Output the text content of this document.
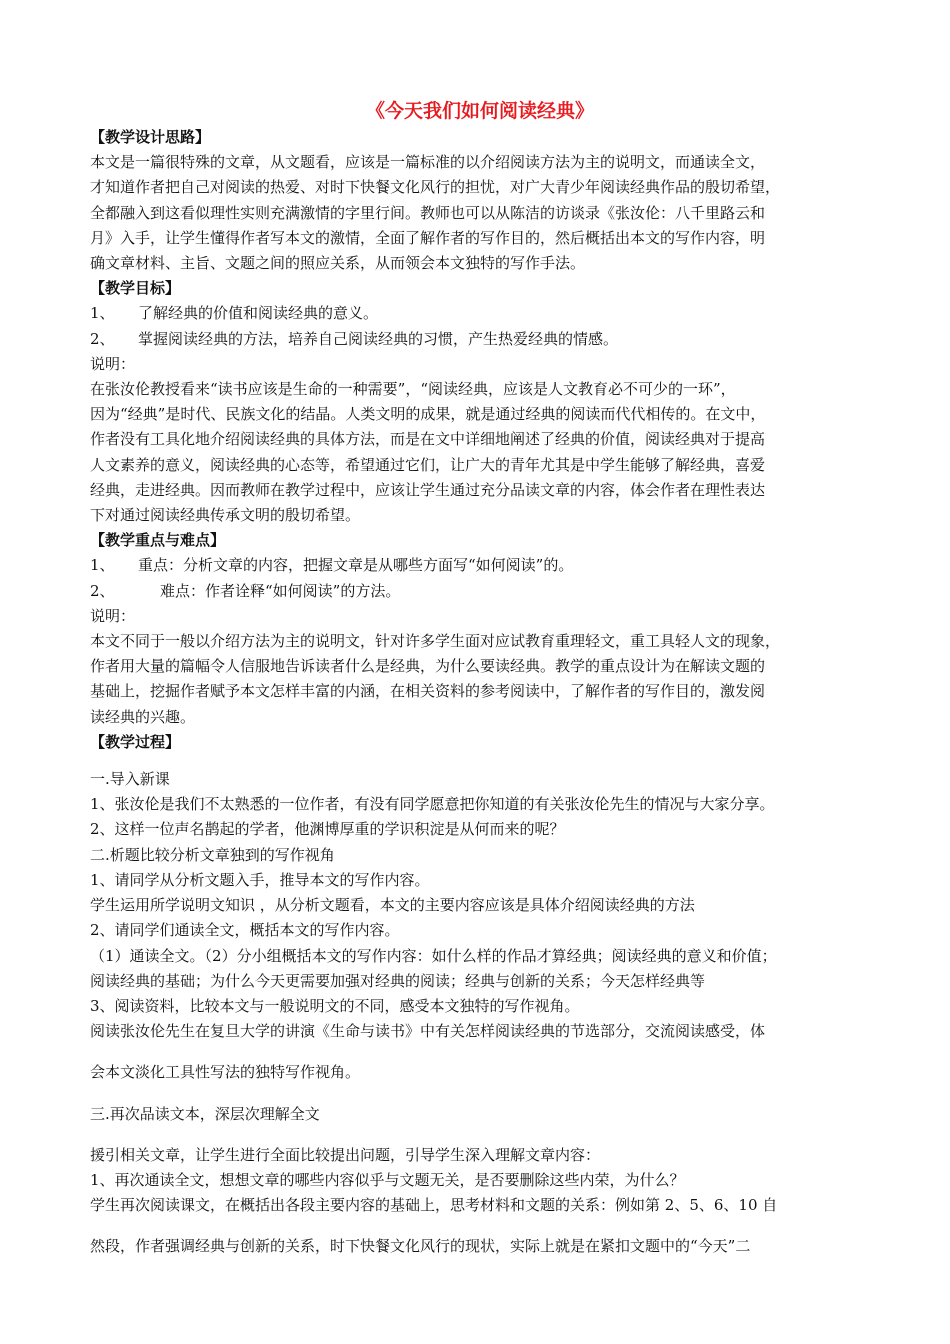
《今天我们如何阅读经典》
【教学设计思路】
本文是一篇很特殊的文章，从文题看，应该是一篇标准的以介绍阅读方法为主的说明文，而通读全文，
才知道作者把自己对阅读的热爱、对时下快餐文化风行的担忧，对广大青少年阅读经典作品的殷切希望，
全都融入到这看似理性实则充满激情的字里行间。教师也可以从陈洁的访谈录《张汝伦：八千里路云和
月》入手，让学生懂得作者写本文的激情，全面了解作者的写作目的，然后概括出本文的写作内容，明
确文章材料、主旨、文题之间的照应关系，从而领会本文独特的写作手法。
【教学目标】
1、	了解经典的价值和阅读经典的意义。
2、	掌握阅读经典的方法，培养自己阅读经典的习惯，产生热爱经典的情感。
说明：
在张汝伦教授看来“读书应该是生命的一种需要”，“阅读经典，应该是人文教育必不可少的一环”，
因为“经典”是时代、民族文化的结晶。人类文明的成果，就是通过经典的阅读而代代相传的。在文中，
作者没有工具化地介绍阅读经典的具体方法，而是在文中详细地阐述了经典的价值，阅读经典对于提高
人文素养的意义，阅读经典的心态等，希望通过它们，让广大的青年尤其是中学生能够了解经典，喜爱
经典，走进经典。因而教师在教学过程中，应该让学生通过充分品读文章的内容，体会作者在理性表达
下对通过阅读经典传承文明的殷切希望。
【教学重点与难点】
1、	重点：分析文章的内容，把握文章是从哪些方面写“如何阅读”的。
2、	难点：作者诠释“如何阅读”的方法。
说明：
本文不同于一般以介绍方法为主的说明文，针对许多学生面对应试教育重理轻文，重工具轻人文的现象，
作者用大量的篇幅令人信服地告诉读者什么是经典，为什么要读经典。教学的重点设计为在解读文题的
基础上，挖掘作者赋予本文怎样丰富的内涵，在相关资料的参考阅读中，了解作者的写作目的，激发阅
读经典的兴趣。
【教学过程】
一.导入新课
1、张汝伦是我们不太熟悉的一位作者，有没有同学愿意把你知道的有关张汝伦先生的情况与大家分享。
2、这样一位声名鹊起的学者，他渊博厚重的学识积淀是从何而来的呢？
二.析题比较分析文章独到的写作视角
1、请同学从分析文题入手，推导本文的写作内容。
学生运用所学说明文知识 ，从分析文题看，本文的主要内容应该是具体介绍阅读经典的方法
2、请同学们通读全文，概括本文的写作内容。
（1）通读全文。（2）分小组概括本文的写作内容：如什么样的作品才算经典；阅读经典的意义和价值；
阅读经典的基础；为什么今天更需要加强对经典的阅读；经典与创新的关系；今天怎样经典等
3、阅读资料，比较本文与一般说明文的不同，感受本文独特的写作视角。
阅读张汝伦先生在复旦大学的讲演《生命与读书》中有关怎样阅读经典的节选部分，交流阅读感受，体
会本文淡化工具性写法的独特写作视角。
三.再次品读文本，深层次理解全文
援引相关文章，让学生进行全面比较提出问题，引导学生深入理解文章内容：
1、再次通读全文，想想文章的哪些内容似乎与文题无关，是否要删除这些内荣，为什么？
学生再次阅读课文，在概括出各段主要内容的基础上，思考材料和文题的关系：例如第 2、5、6、10 自
然段，作者强调经典与创新的关系，时下快餐文化风行的现状，实际上就是在紧扣文题中的“今天”二
